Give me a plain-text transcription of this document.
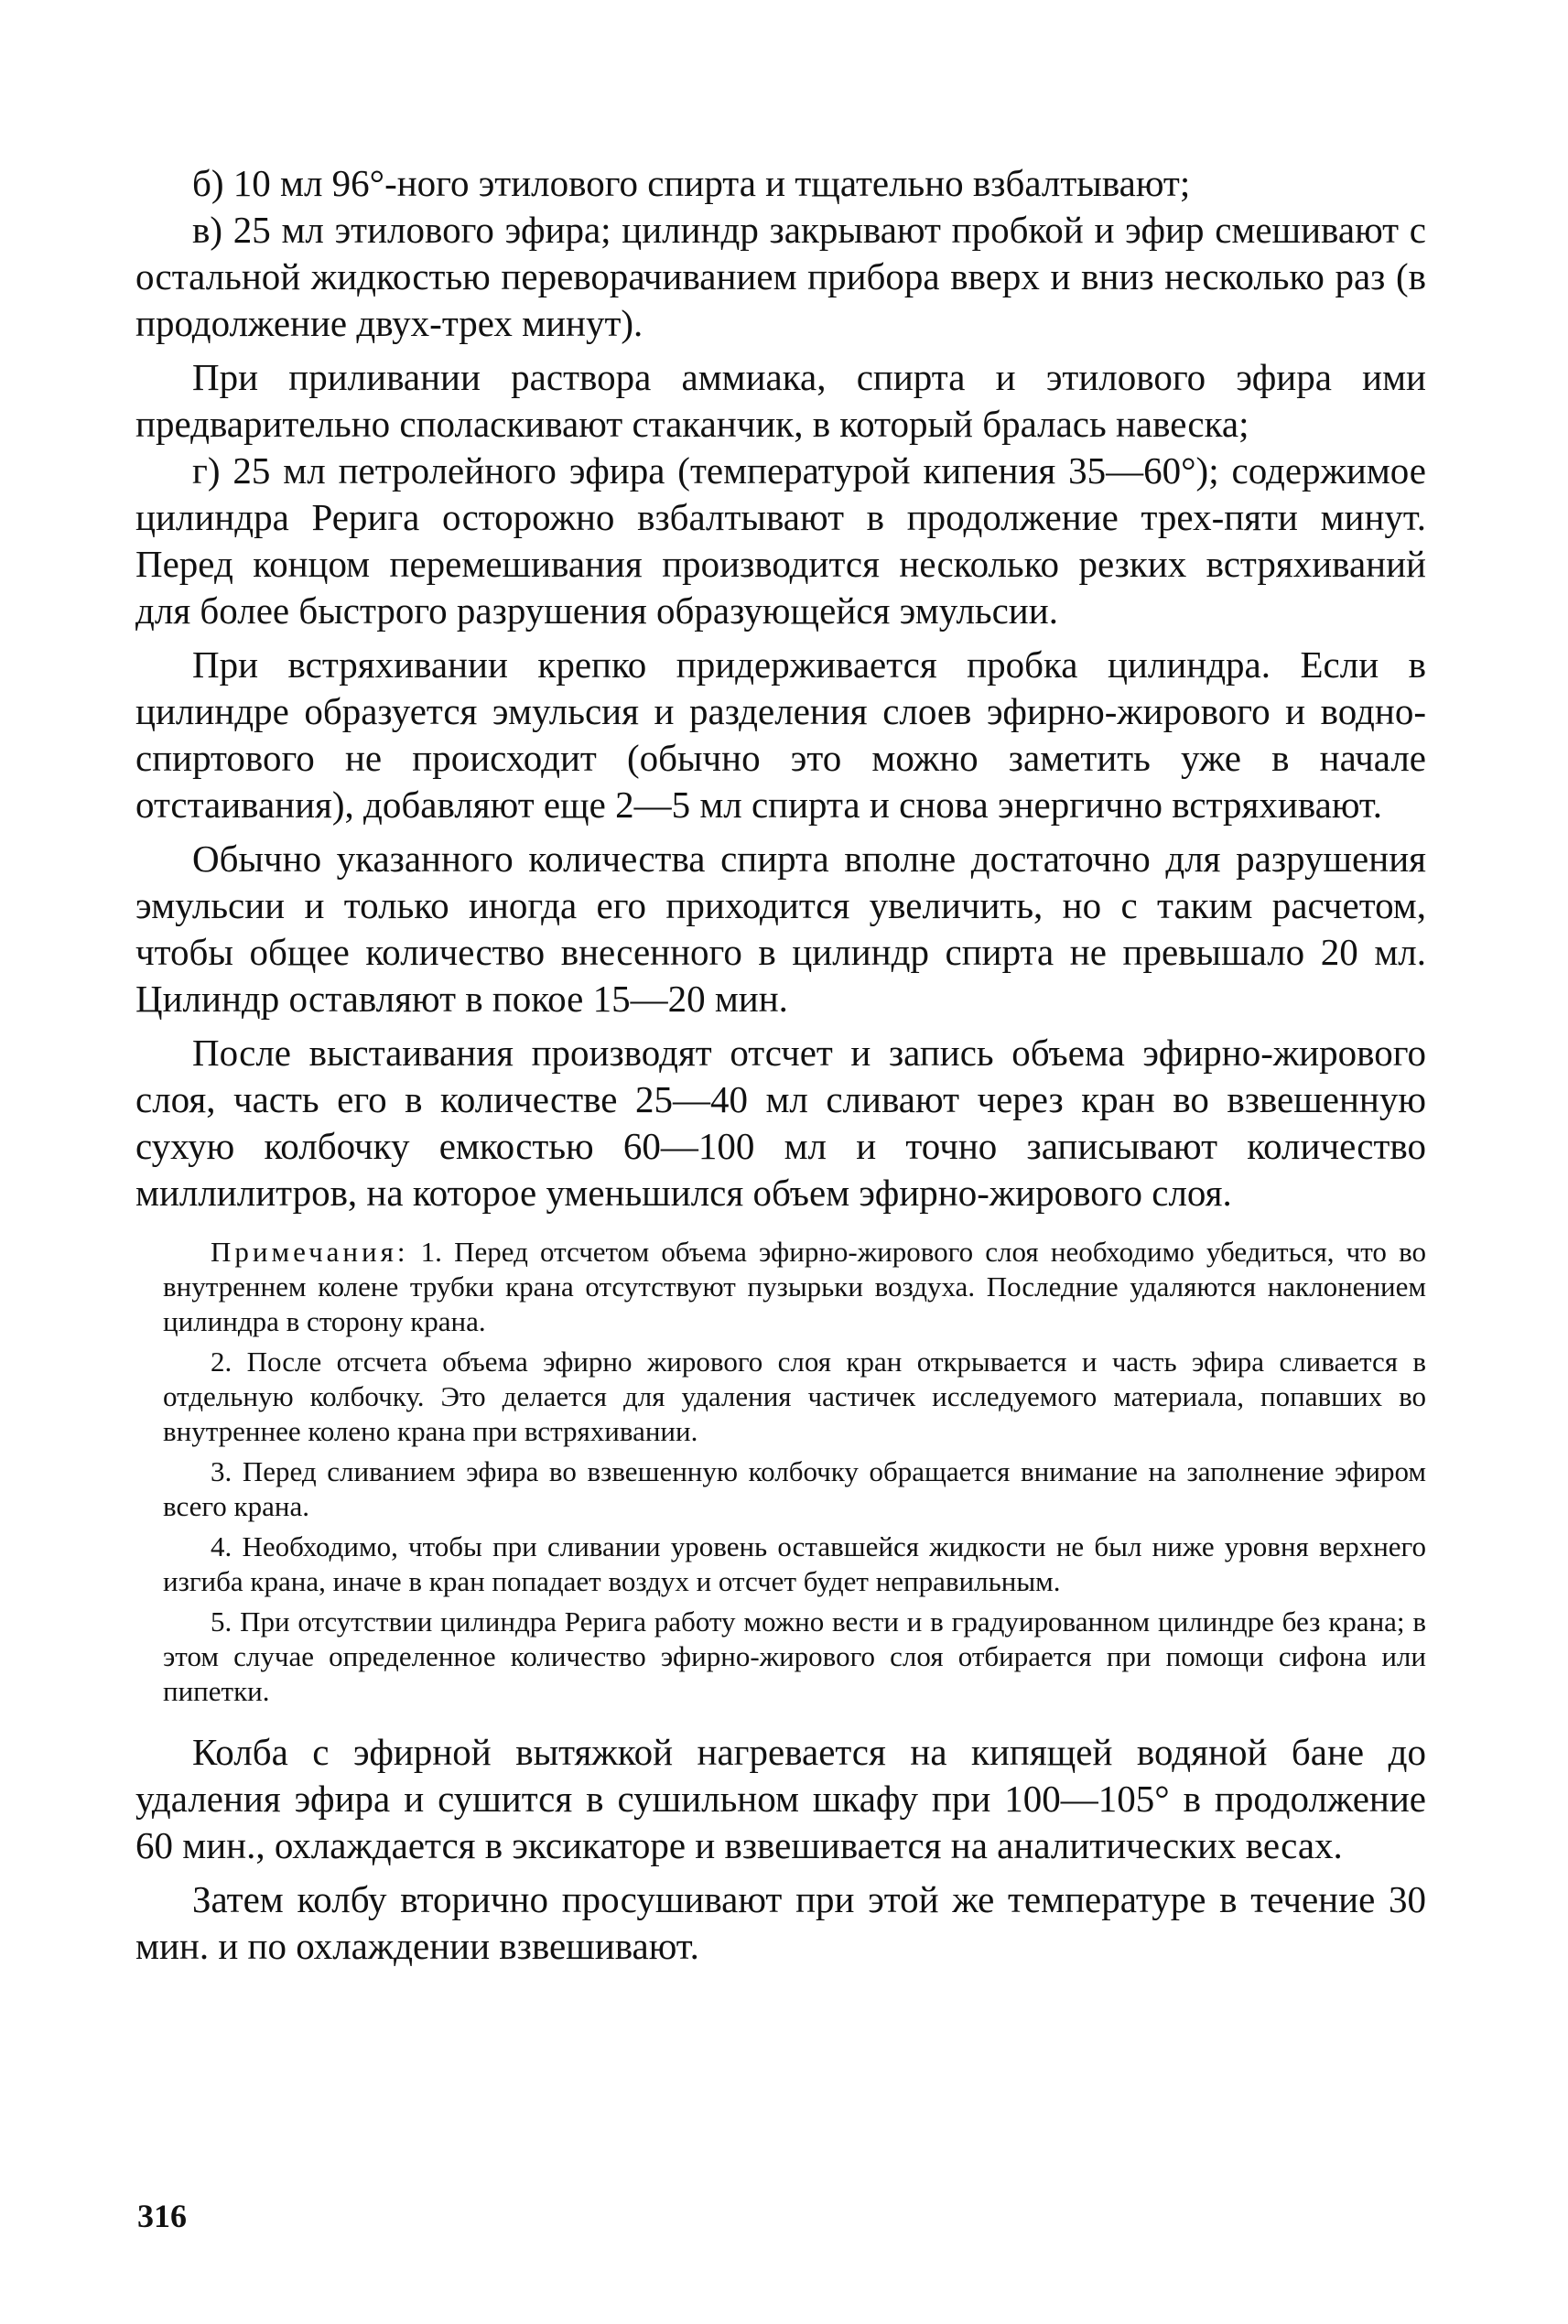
б) 10 мл 96°-ного этилового спирта и тщательно взбалтывают;

в) 25 мл этилового эфира; цилиндр закрывают пробкой и эфир смешивают с остальной жидкостью переворачиванием прибора вверх и вниз несколько раз (в продолжение двух-трех минут).

При приливании раствора аммиака, спирта и этилового эфира ими предварительно споласкивают стаканчик, в который бралась навеска;

г) 25 мл петролейного эфира (температурой кипения 35—60°); содержимое цилиндра Рерига осторожно взбалтывают в продолжение трех-пяти минут. Перед концом перемешивания производится несколько резких встряхиваний для более быстрого разрушения образующейся эмульсии.

При встряхивании крепко придерживается пробка цилиндра. Если в цилиндре образуется эмульсия и разделения слоев эфирно-жирового и водно-спиртового не происходит (обычно это можно заметить уже в начале отстаивания), добавляют еще 2—5 мл спирта и снова энергично встряхивают.

Обычно указанного количества спирта вполне достаточно для разрушения эмульсии и только иногда его приходится увеличить, но с таким расчетом, чтобы общее количество внесенного в цилиндр спирта не превышало 20 мл. Цилиндр оставляют в покое 15—20 мин.

После выстаивания производят отсчет и запись объема эфирно-жирового слоя, часть его в количестве 25—40 мл сливают через кран во взвешенную сухую колбочку емкостью 60—100 мл и точно записывают количество миллилитров, на которое уменьшился объем эфирно-жирового слоя.

Примечания: 1. Перед отсчетом объема эфирно-жирового слоя необходимо убедиться, что во внутреннем колене трубки крана отсутствуют пузырьки воздуха. Последние удаляются наклонением цилиндра в сторону крана.

2. После отсчета объема эфирно жирового слоя кран открывается и часть эфира сливается в отдельную колбочку. Это делается для удаления частичек исследуемого материала, попавших во внутреннее колено крана при встряхивании.

3. Перед сливанием эфира во взвешенную колбочку обращается внимание на заполнение эфиром всего крана.

4. Необходимо, чтобы при сливании уровень оставшейся жидкости не был ниже уровня верхнего изгиба крана, иначе в кран попадает воздух и отсчет будет неправильным.

5. При отсутствии цилиндра Рерига работу можно вести и в градуированном цилиндре без крана; в этом случае определенное количество эфирно-жирового слоя отбирается при помощи сифона или пипетки.

Колба с эфирной вытяжкой нагревается на кипящей водяной бане до удаления эфира и сушится в сушильном шкафу при 100—105° в продолжение 60 мин., охлаждается в эксикаторе и взвешивается на аналитических весах.

Затем колбу вторично просушивают при этой же температуре в течение 30 мин. и по охлаждении взвешивают.

316
